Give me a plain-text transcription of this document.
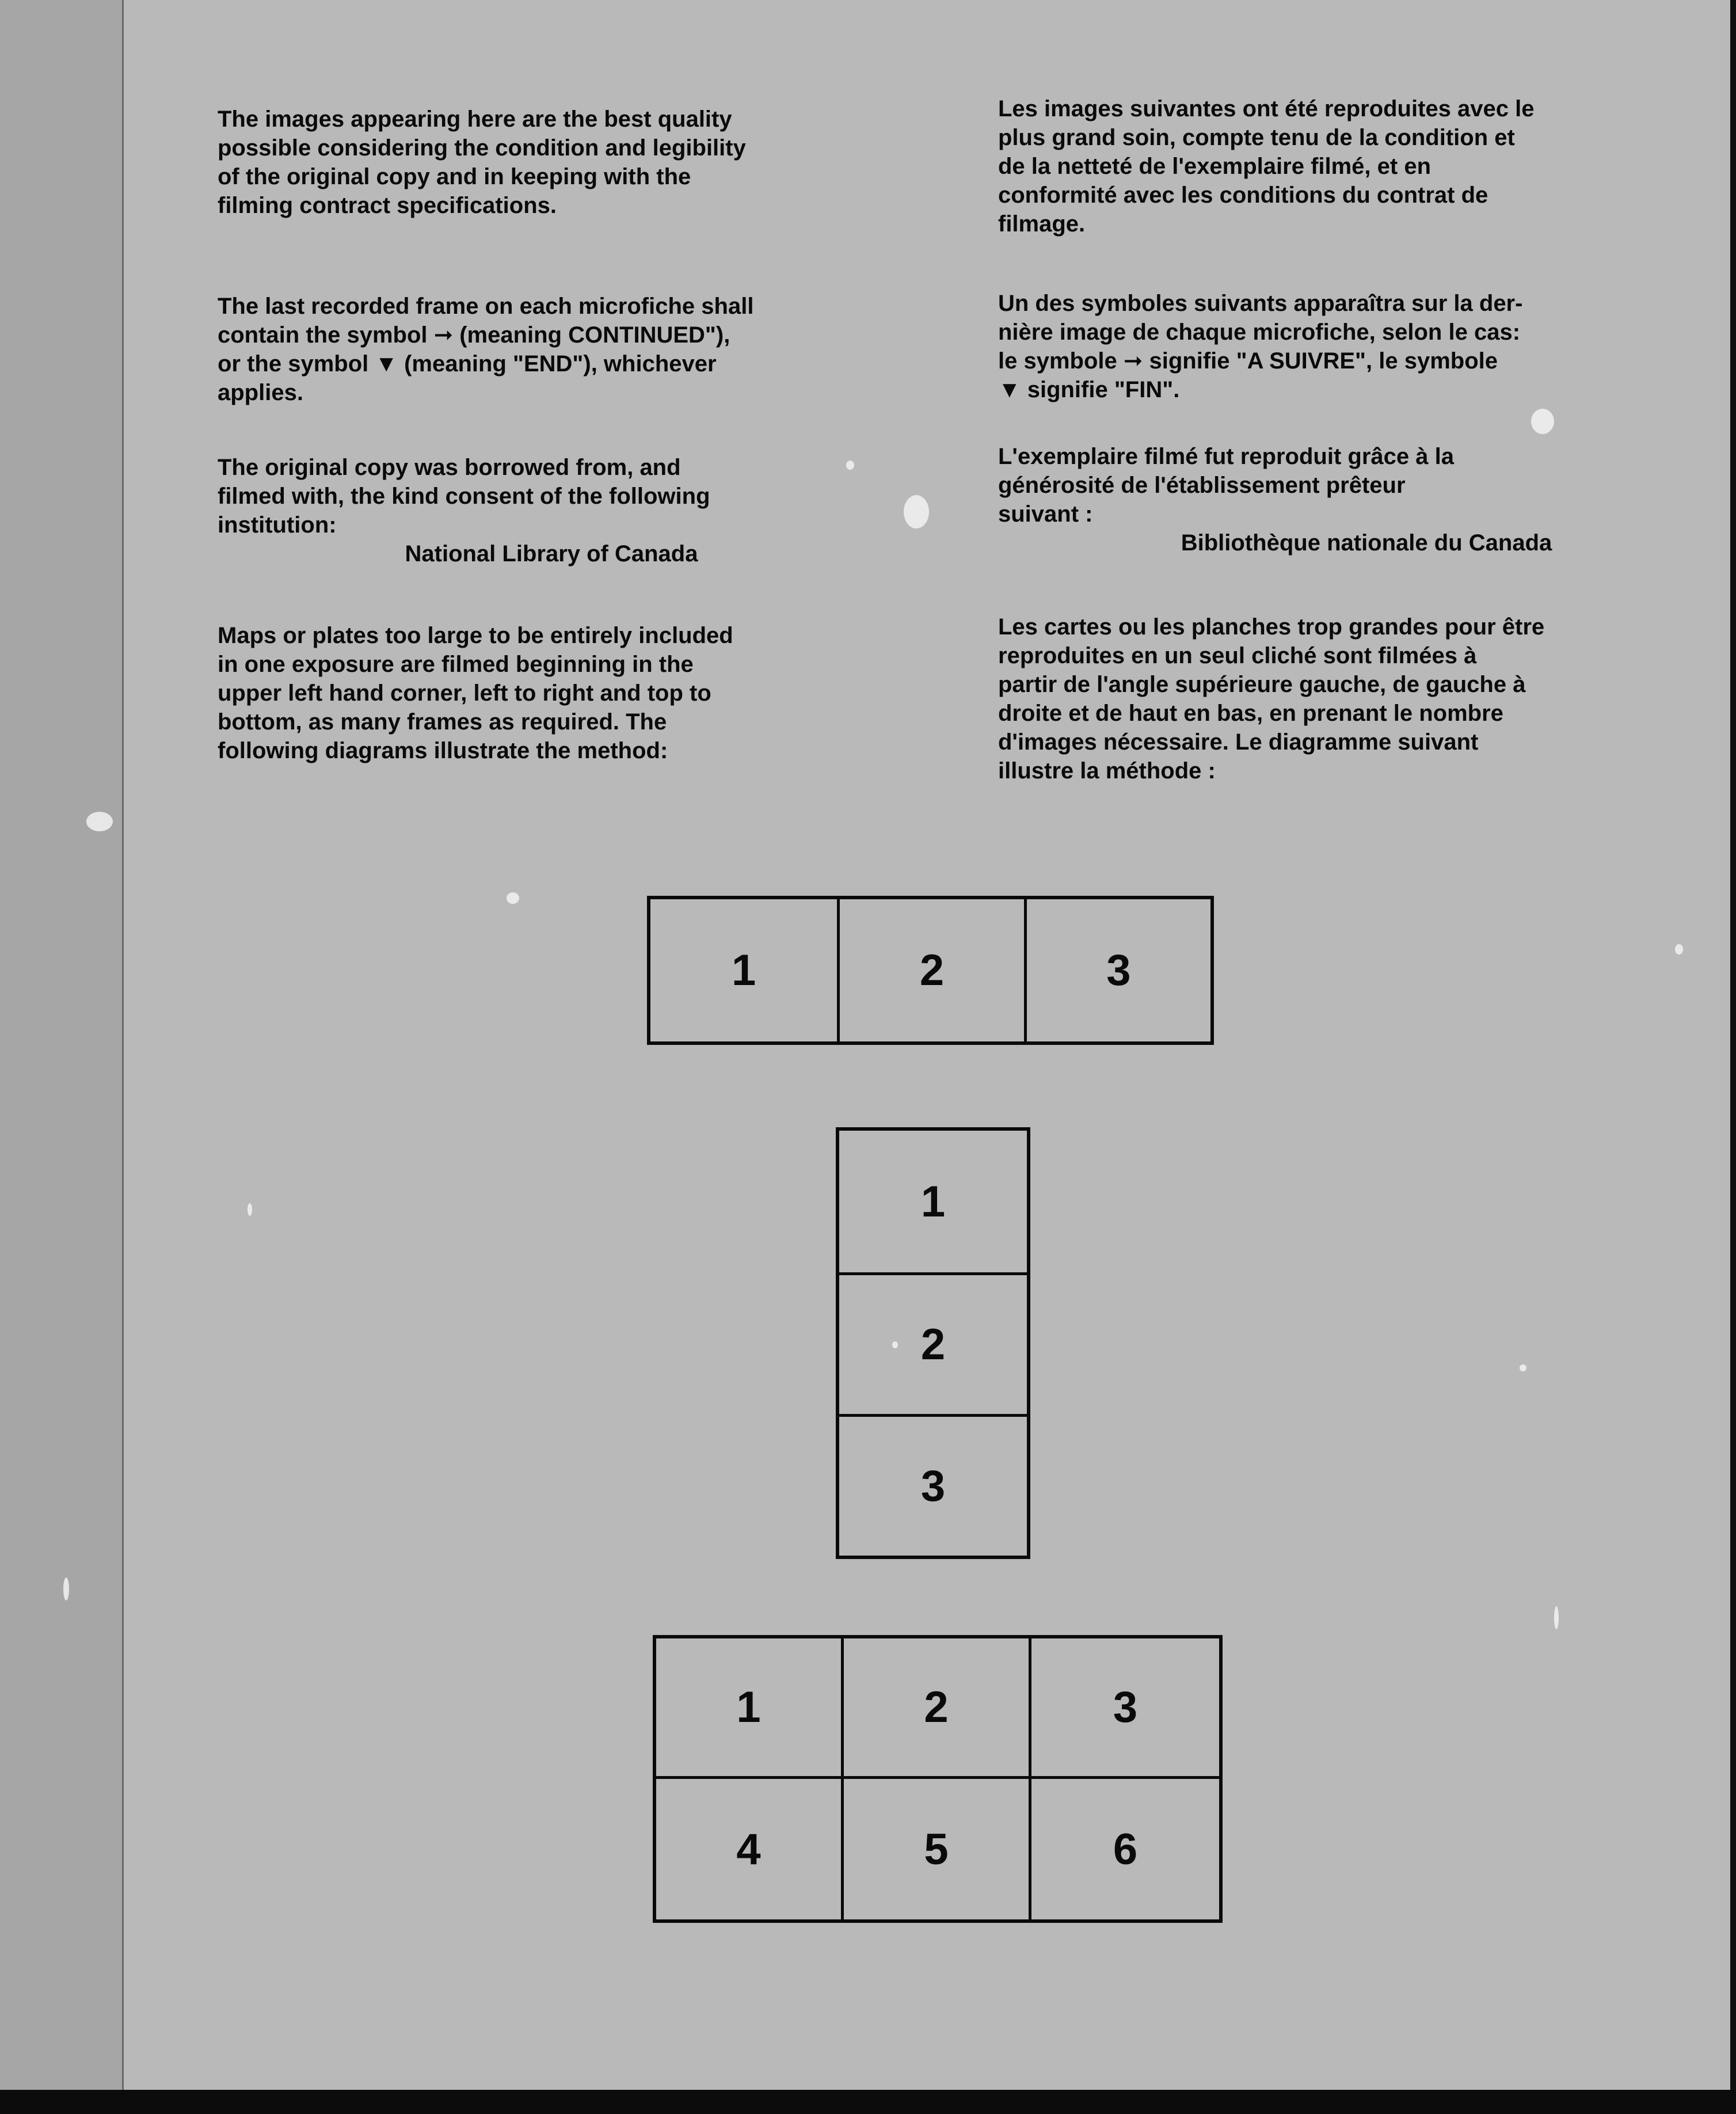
The images appearing here are the best quality
possible considering the condition and legibility
of the original copy and in keeping with the
filming contract specifications.

The last recorded frame on each microfiche shall
contain the symbol ➞ (meaning CONTINUED"),
or the symbol ▼ (meaning "END"), whichever
applies.

The original copy was borrowed from, and
filmed with, the kind consent of the following
institution:

National Library of Canada

Maps or plates too large to be entirely included
in one exposure are filmed beginning in the
upper left hand corner, left to right and top to
bottom, as many frames as required. The
following diagrams illustrate the method:

Les images suivantes ont été reproduites avec le
plus grand soin, compte tenu de la condition et
de la netteté de l'exemplaire filmé, et en
conformité avec les conditions du contrat de
filmage.

Un des symboles suivants apparaîtra sur la der-
nière image de chaque microfiche, selon le cas:
le symbole ➞ signifie "A SUIVRE", le symbole
▼ signifie "FIN".

L'exemplaire filmé fut reproduit grâce à la
générosité de l'établissement prêteur
suivant :

Bibliothèque nationale du Canada

Les cartes ou les planches trop grandes pour être
reproduites en un seul cliché sont filmées à
partir de l'angle supérieure gauche, de gauche à
droite et de haut en bas, en prenant le nombre
d'images nécessaire. Le diagramme suivant
illustre la méthode :

1	2	3
1
2
3
1	2	3
4	5	6
